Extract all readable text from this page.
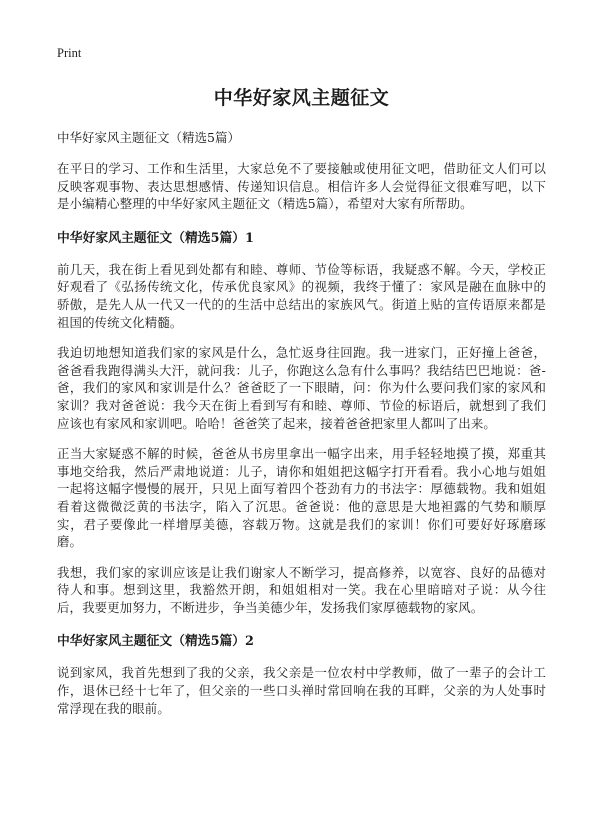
Print
中华好家风主题征文
中华好家风主题征文（精选5篇）

在平日的学习、工作和生活里，大家总免不了要接触或使用征文吧，借助征文人们可以反映客观事物、表达思想感情、传递知识信息。相信许多人会觉得征文很难写吧，以下是小编精心整理的中华好家风主题征文（精选5篇），希望对大家有所帮助。

中华好家风主题征文（精选5篇）1

前几天，我在街上看见到处都有和睦、尊师、节俭等标语，我疑惑不解。今天，学校正好观看了《弘扬传统文化，传承优良家风》的视频，我终于懂了：家风是融在血脉中的骄傲，是先人从一代又一代的的生活中总结出的家族风气。街道上贴的宣传语原来都是祖国的传统文化精髓。

我迫切地想知道我们家的家风是什么，急忙返身往回跑。我一进家门，正好撞上爸爸，爸爸看我跑得满头大汗，就问我：儿子，你跑这么急有什么事吗？我结结巴巴地说：爸-爸，我们的家风和家训是什么？爸爸眨了一下眼睛，问：你为什么要问我们家的家风和家训？我对爸爸说：我今天在街上看到写有和睦、尊师、节俭的标语后，就想到了我们应该也有家风和家训吧。哈哈！爸爸笑了起来，接着爸爸把家里人都叫了出来。

正当大家疑惑不解的时候，爸爸从书房里拿出一幅字出来，用手轻轻地摸了摸，郑重其事地交给我，然后严肃地说道：儿子，请你和姐姐把这幅字打开看看。我小心地与姐姐一起将这幅字慢慢的展开，只见上面写着四个苍劲有力的书法字：厚德载物。我和姐姐看着这微微泛黄的书法字，陷入了沉思。爸爸说：他的意思是大地袒露的气势和顺厚实，君子要像此一样增厚美德，容载万物。这就是我们的家训！你们可要好好琢磨琢磨。

我想，我们家的家训应该是让我们谢家人不断学习，提高修养，以宽容、良好的品德对待人和事。想到这里，我豁然开朗，和姐姐相对一笑。我在心里暗暗对子说：从今往后，我要更加努力，不断进步，争当美德少年，发扬我们家厚德载物的家风。

中华好家风主题征文（精选5篇）2

说到家风，我首先想到了我的父亲，我父亲是一位农村中学教师，做了一辈子的会计工作，退休已经十七年了，但父亲的一些口头禅时常回响在我的耳畔，父亲的为人处事时常浮现在我的眼前。
